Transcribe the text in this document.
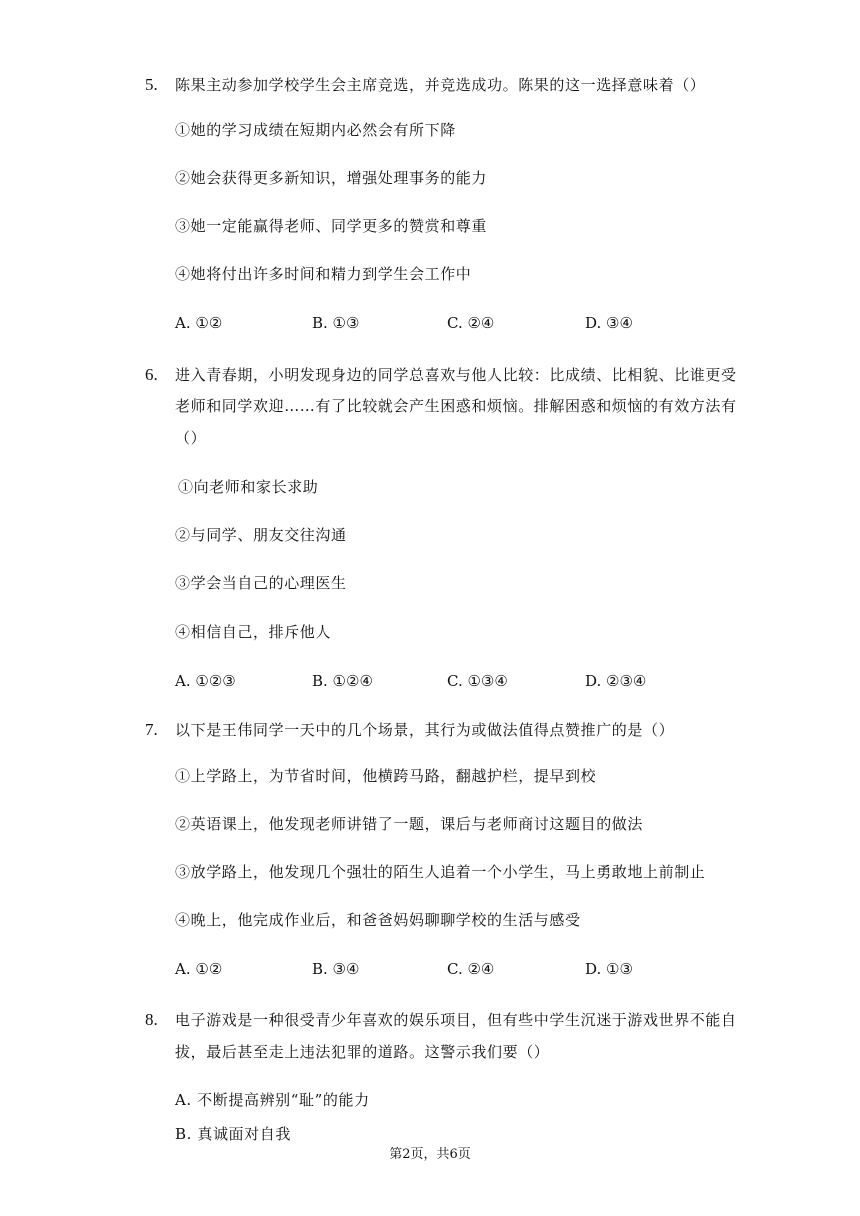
5. 陈果主动参加学校学生会主席竞选，并竞选成功。陈果的这一选择意味着（）
①她的学习成绩在短期内必然会有所下降
②她会获得更多新知识，增强处理事务的能力
③她一定能赢得老师、同学更多的赞赏和尊重
④她将付出许多时间和精力到学生会工作中
A. ①②	B. ①③	C. ②④	D. ③④
6. 进入青春期，小明发现身边的同学总喜欢与他人比较：比成绩、比相貌、比谁更受
老师和同学欢迎……有了比较就会产生困惑和烦恼。排解困惑和烦恼的有效方法有
（）
①向老师和家长求助
②与同学、朋友交往沟通
③学会当自己的心理医生
④相信自己，排斥他人
A. ①②③	B. ①②④	C. ①③④	D. ②③④
7. 以下是王伟同学一天中的几个场景，其行为或做法值得点赞推广的是（）
①上学路上，为节省时间，他横跨马路，翻越护栏，提早到校
②英语课上，他发现老师讲错了一题，课后与老师商讨这题目的做法
③放学路上，他发现几个强壮的陌生人追着一个小学生，马上勇敢地上前制止
④晚上，他完成作业后，和爸爸妈妈聊聊学校的生活与感受
A. ①②	B. ③④	C. ②④	D. ①③
8. 电子游戏是一种很受青少年喜欢的娱乐项目，但有些中学生沉迷于游戏世界不能自
拔，最后甚至走上违法犯罪的道路。这警示我们要（）
A. 不断提高辨别“耻”的能力
B. 真诚面对自我
第2页，共6页
